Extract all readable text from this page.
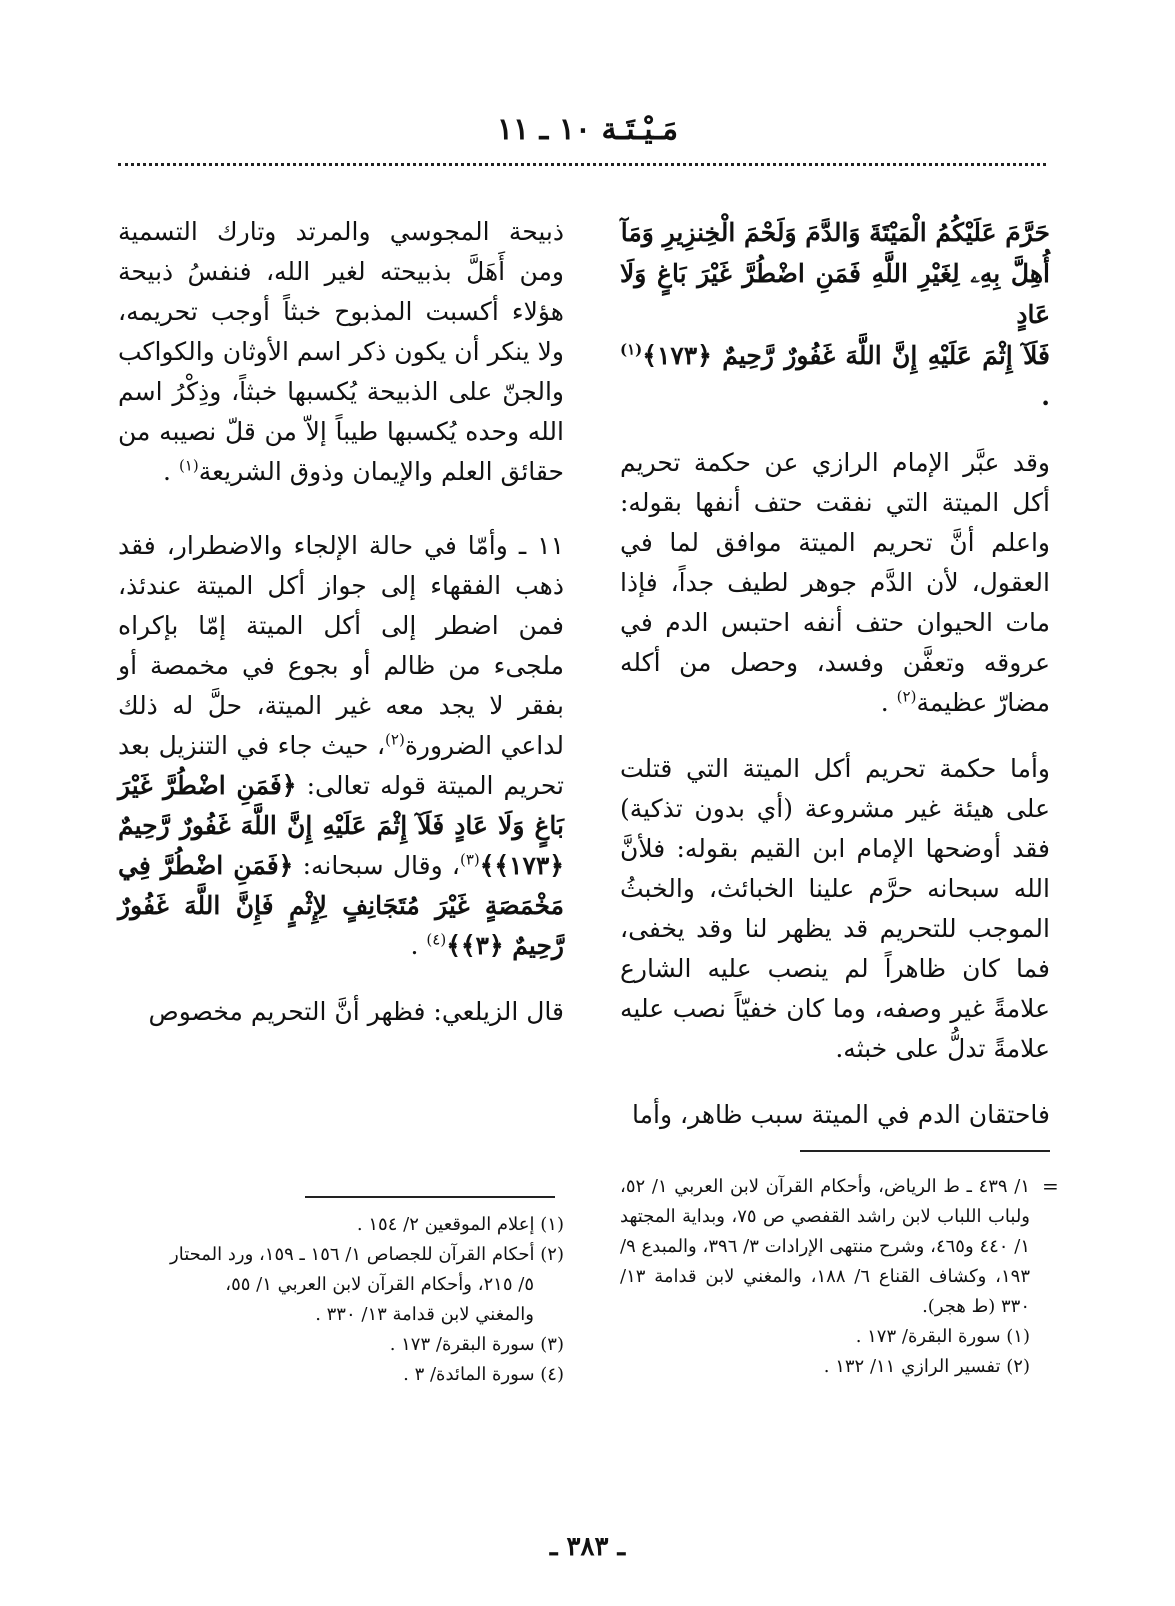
مَـيْـتَـة ١٠ ـ ١١

حَرَّمَ عَلَيْكُمُ الْمَيْتَةَ وَالدَّمَ وَلَحْمَ الْخِنزِيرِ وَمَآ

أُهِلَّ بِهِۦ لِغَيْرِ اللَّهِ فَمَنِ اضْطُرَّ غَيْرَ بَاغٍ وَلَا عَادٍ

فَلَآ إِثْمَ عَلَيْهِ إِنَّ اللَّهَ غَفُورٌ رَّحِيمٌ ﴿١٧٣﴾$^{(١)}$ .

وقد عبَّر الإمام الرازي عن حكمة تحريم أكل الميتة التي نفقت حتف أنفها بقوله: واعلم أنَّ تحريم الميتة موافق لما في العقول، لأن الدَّم جوهر لطيف جداً، فإذا مات الحيوان حتف أنفه احتبس الدم في عروقه وتعفَّن وفسد، وحصل من أكله مضارّ عظيمة$^{(٢)}$ .

وأما حكمة تحريم أكل الميتة التي قتلت على هيئة غير مشروعة (أي بدون تذكية) فقد أوضحها الإمام ابن القيم بقوله: فلأنَّ الله سبحانه حرَّم علينا الخبائث، والخبثُ الموجب للتحريم قد يظهر لنا وقد يخفى، فما كان ظاهراً لم ينصب عليه الشارع علامةً غير وصفه، وما كان خفيّاً نصب عليه علامةً تدلُّ على خبثه.

فاحتقان الدم في الميتة سبب ظاهر، وأما

=
١/ ٤٣٩ ـ ط الرياض، وأحكام القرآن لابن العربي ١/ ٥٢، ولباب اللباب لابن راشد القفصي ص ٧٥، وبداية المجتهد ١/ ٤٤٠ و٤٦٥، وشرح منتهى الإرادات ٣/ ٣٩٦، والمبدع ٩/ ١٩٣، وكشاف القناع ٦/ ١٨٨، والمغني لابن قدامة ١٣/ ٣٣٠ (ط هجر).
(١) سورة البقرة/ ١٧٣ .
(٢) تفسير الرازي ١١/ ١٣٢ .

ذبيحة المجوسي والمرتد وتارك التسمية ومن أَهَلَّ بذبيحته لغير الله، فنفسُ ذبيحة هؤلاء أكسبت المذبوح خبثاً أوجب تحريمه، ولا ينكر أن يكون ذكر اسم الأوثان والكواكب والجنّ على الذبيحة يُكسبها خبثاً، وذِكْرُ اسم الله وحده يُكسبها طيباً إلاّ من قلّ نصيبه من حقائق العلم والإيمان وذوق الشريعة$^{(١)}$ .

١١ ـ وأمّا في حالة الإلجاء والاضطرار، فقد ذهب الفقهاء إلى جواز أكل الميتة عندئذ، فمن اضطر إلى أكل الميتة إمّا بإكراه ملجىء من ظالم أو بجوع في مخمصة أو بفقر لا يجد معه غير الميتة، حلَّ له ذلك لداعي الضرورة$^{(٢)}$، حيث جاء في التنزيل بعد تحريم الميتة قوله تعالى: ﴿فَمَنِ اضْطُرَّ غَيْرَ بَاغٍ وَلَا عَادٍ فَلَآ إِثْمَ عَلَيْهِ إِنَّ اللَّهَ غَفُورٌ رَّحِيمٌ ﴿١٧٣﴾﴾$^{(٣)}$، وقال سبحانه: ﴿فَمَنِ اضْطُرَّ فِي مَخْمَصَةٍ غَيْرَ مُتَجَانِفٍ لِإِثْمٍ فَإِنَّ اللَّهَ غَفُورٌ رَّحِيمٌ ﴿٣﴾﴾$^{(٤)}$ .

قال الزيلعي: فظهر أنَّ التحريم مخصوص

(١) إعلام الموقعين ٢/ ١٥٤ .
(٢) أحكام القرآن للجصاص ١/ ١٥٦ ـ ١٥٩، ورد المحتار
٥/ ٢١٥، وأحكام القرآن لابن العربي ١/ ٥٥،
والمغني لابن قدامة ١٣/ ٣٣٠ .
(٣) سورة البقرة/ ١٧٣ .
(٤) سورة المائدة/ ٣ .
ـ ٣٨٣ ـ
